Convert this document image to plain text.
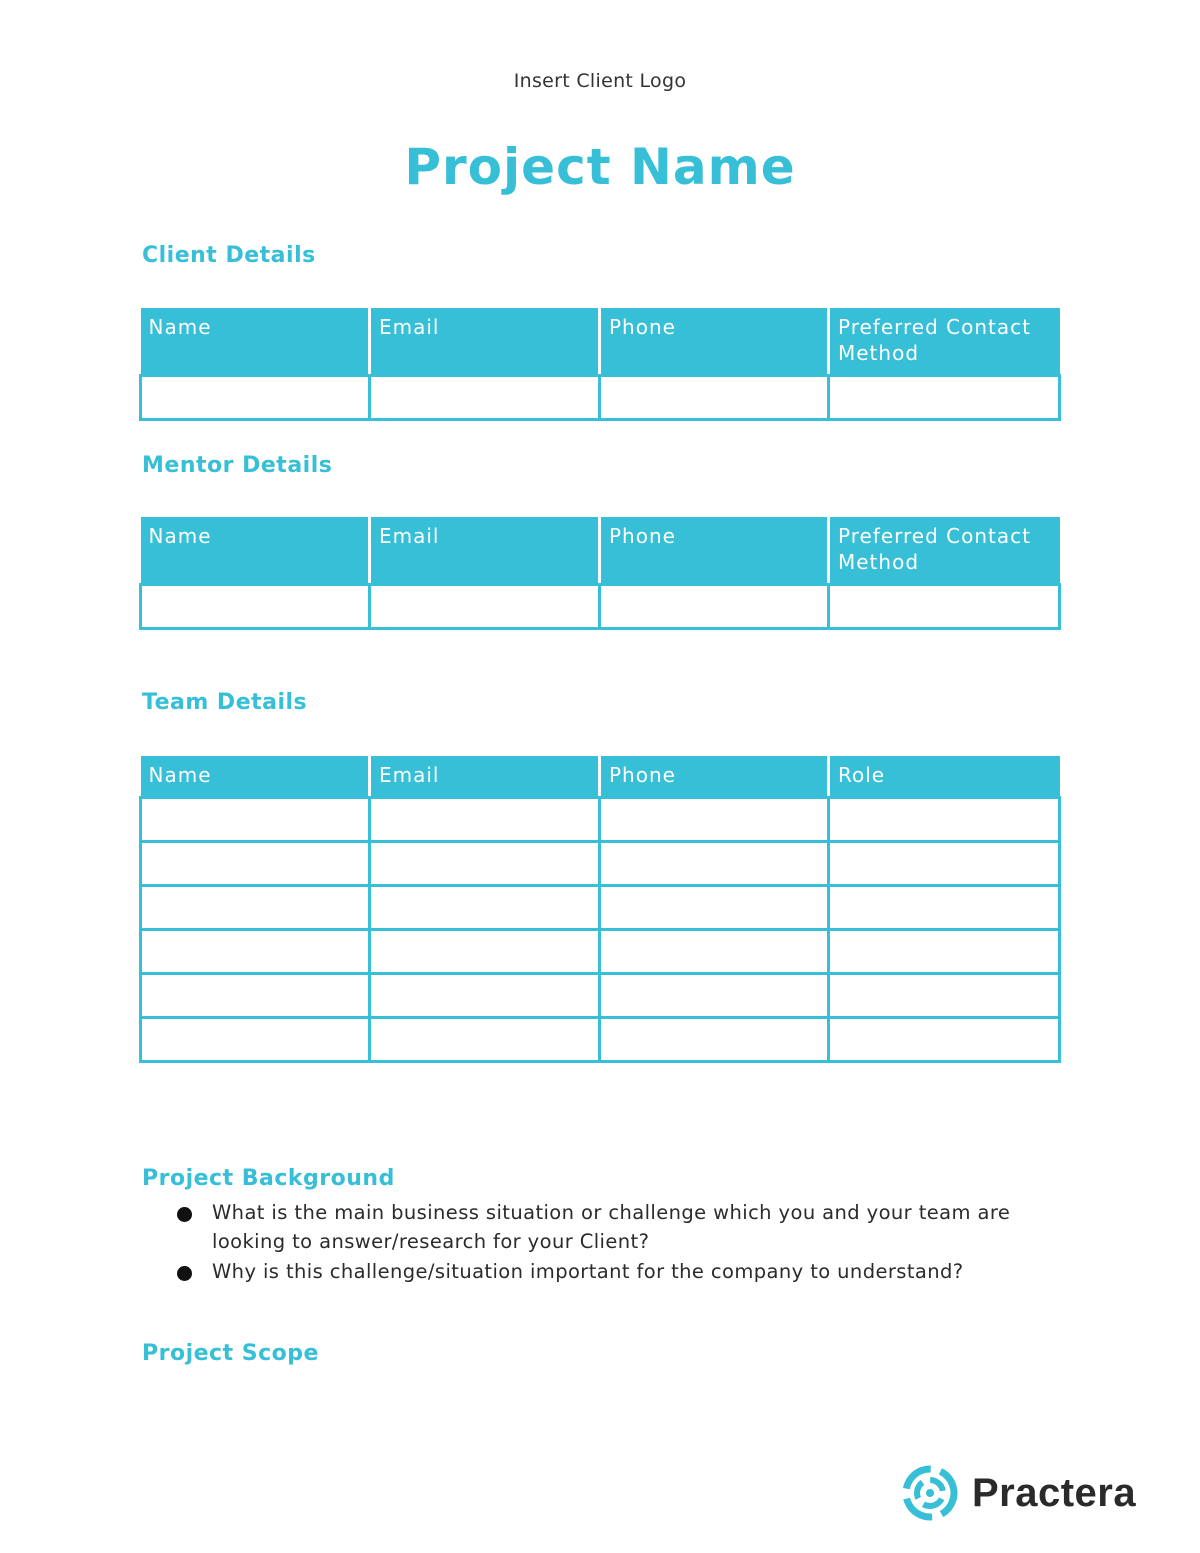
Insert Client Logo
Project Name
Client Details
Name	Email	Phone	Preferred Contact Method

Mentor Details
Name	Email	Phone	Preferred Contact Method

Team Details
Name	Email	Phone	Role

Project Background
What is the main business situation or challenge which you and your team are looking to answer/research for your Client?
Why is this challenge/situation important for the company to understand?
Project Scope
Practera
